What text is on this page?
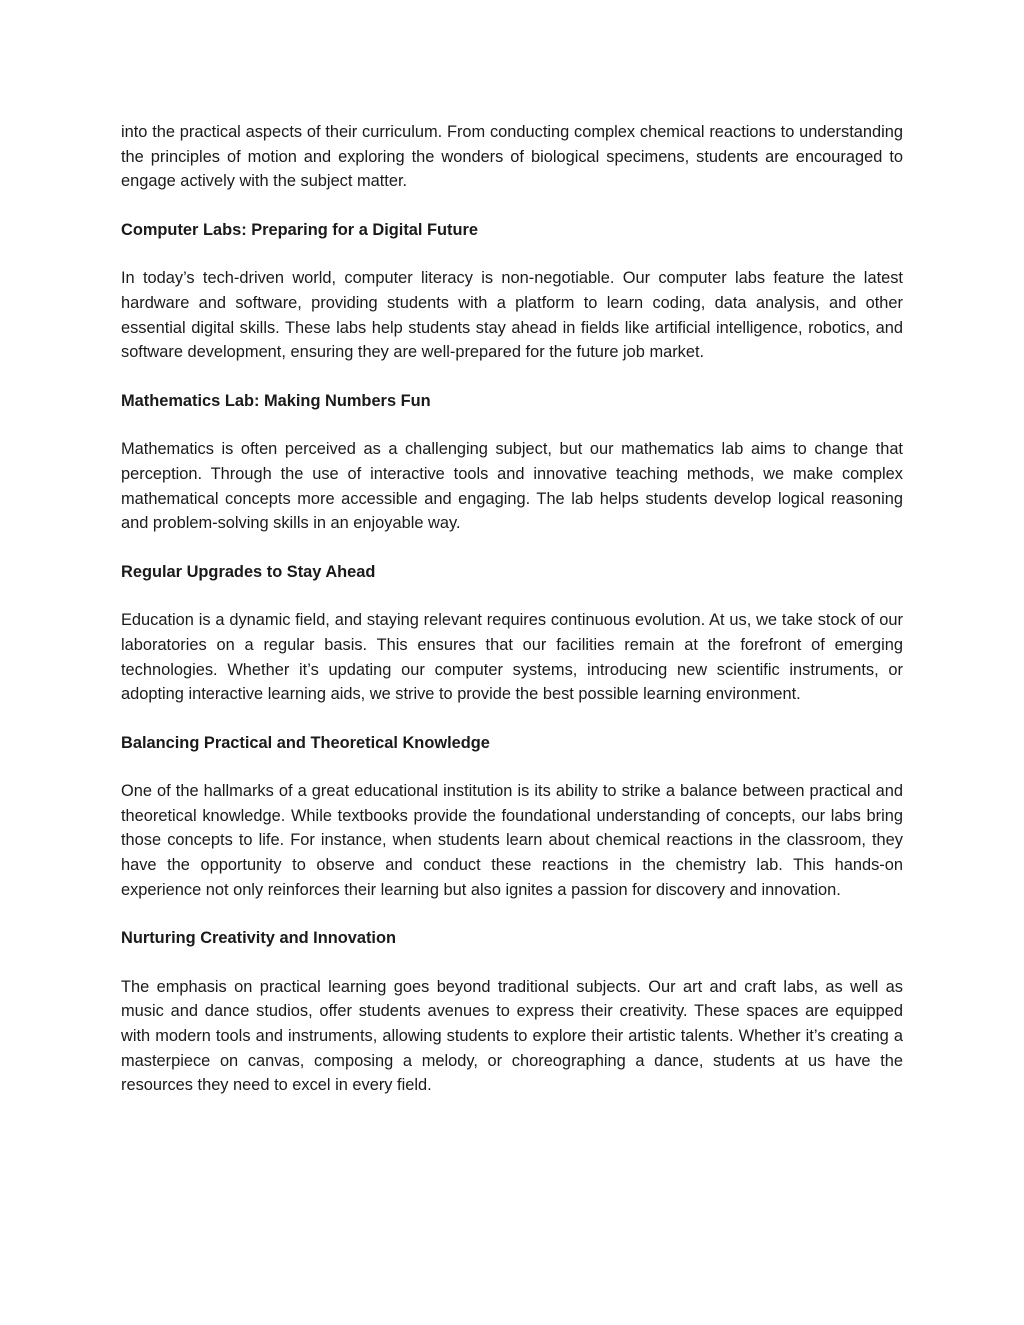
into the practical aspects of their curriculum. From conducting complex chemical reactions to understanding the principles of motion and exploring the wonders of biological specimens, students are encouraged to engage actively with the subject matter.

Computer Labs: Preparing for a Digital Future

In today’s tech-driven world, computer literacy is non-negotiable. Our computer labs feature the latest hardware and software, providing students with a platform to learn coding, data analysis, and other essential digital skills. These labs help students stay ahead in fields like artificial intelligence, robotics, and software development, ensuring they are well-prepared for the future job market.

Mathematics Lab: Making Numbers Fun

Mathematics is often perceived as a challenging subject, but our mathematics lab aims to change that perception. Through the use of interactive tools and innovative teaching methods, we make complex mathematical concepts more accessible and engaging. The lab helps students develop logical reasoning and problem-solving skills in an enjoyable way.

Regular Upgrades to Stay Ahead

Education is a dynamic field, and staying relevant requires continuous evolution. At us, we take stock of our laboratories on a regular basis. This ensures that our facilities remain at the forefront of emerging technologies. Whether it’s updating our computer systems, introducing new scientific instruments, or adopting interactive learning aids, we strive to provide the best possible learning environment.

Balancing Practical and Theoretical Knowledge

One of the hallmarks of a great educational institution is its ability to strike a balance between practical and theoretical knowledge. While textbooks provide the foundational understanding of concepts, our labs bring those concepts to life. For instance, when students learn about chemical reactions in the classroom, they have the opportunity to observe and conduct these reactions in the chemistry lab. This hands-on experience not only reinforces their learning but also ignites a passion for discovery and innovation.

Nurturing Creativity and Innovation

The emphasis on practical learning goes beyond traditional subjects. Our art and craft labs, as well as music and dance studios, offer students avenues to express their creativity. These spaces are equipped with modern tools and instruments, allowing students to explore their artistic talents. Whether it’s creating a masterpiece on canvas, composing a melody, or choreographing a dance, students at us have the resources they need to excel in every field.
